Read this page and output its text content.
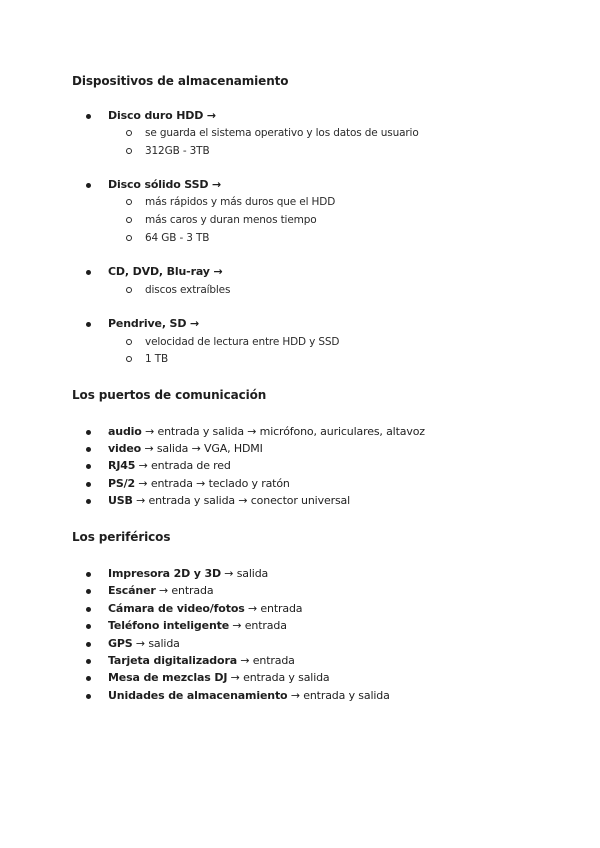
Dispositivos de almacenamiento
Disco duro HDD →
se guarda el sistema operativo y los datos de usuario
312GB - 3TB
Disco sólido SSD →
más rápidos y más duros que el HDD
más caros y duran menos tiempo
64 GB - 3 TB
CD, DVD, Blu-ray →
discos extraíbles
Pendrive, SD →
velocidad de lectura entre HDD y SSD
1 TB
Los puertos de comunicación
audio → entrada y salida → micrófono, auriculares, altavoz
video → salida → VGA, HDMI
RJ45 → entrada de red
PS/2 → entrada → teclado y ratón
USB → entrada y salida → conector universal
Los periféricos
Impresora 2D y 3D → salida
Escáner → entrada
Cámara de video/fotos → entrada
Teléfono inteligente → entrada
GPS → salida
Tarjeta digitalizadora → entrada
Mesa de mezclas DJ → entrada y salida
Unidades de almacenamiento → entrada y salida
